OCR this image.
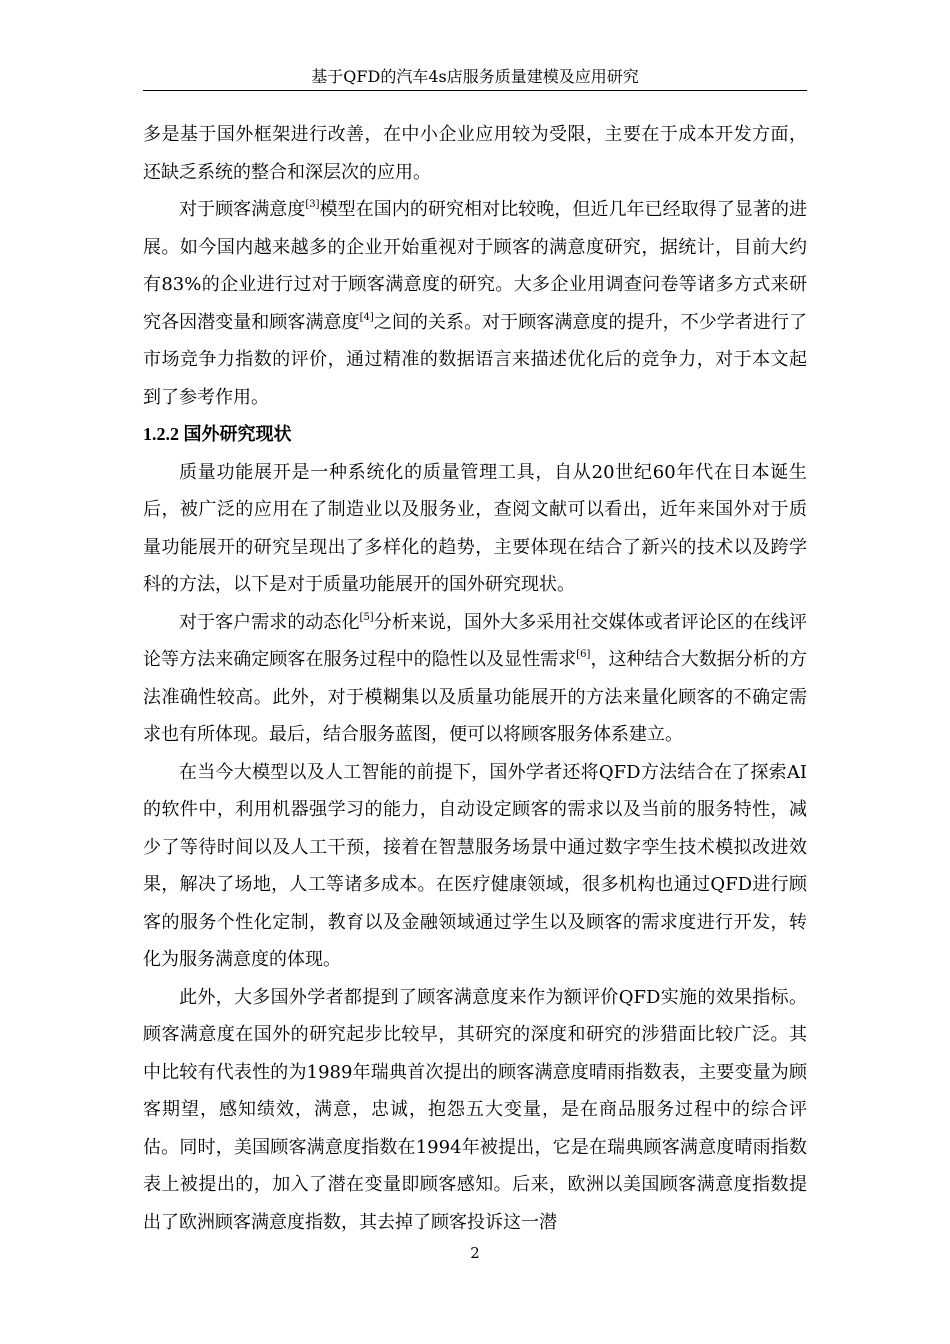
基于QFD的汽车4s店服务质量建模及应用研究

多是基于国外框架进行改善，在中小企业应用较为受限，主要在于成本开发方面，还缺乏系统的整合和深层次的应用。

对于顾客满意度[3]模型在国内的研究相对比较晚，但近几年已经取得了显著的进展。如今国内越来越多的企业开始重视对于顾客的满意度研究，据统计，目前大约有83%的企业进行过对于顾客满意度的研究。大多企业用调查问卷等诸多方式来研究各因潜变量和顾客满意度[4]之间的关系。对于顾客满意度的提升，不少学者进行了市场竞争力指数的评价，通过精准的数据语言来描述优化后的竞争力，对于本文起到了参考作用。

1.2.2 国外研究现状

质量功能展开是一种系统化的质量管理工具，自从20世纪60年代在日本诞生后，被广泛的应用在了制造业以及服务业，查阅文献可以看出，近年来国外对于质量功能展开的研究呈现出了多样化的趋势，主要体现在结合了新兴的技术以及跨学科的方法，以下是对于质量功能展开的国外研究现状。

对于客户需求的动态化[5]分析来说，国外大多采用社交媒体或者评论区的在线评论等方法来确定顾客在服务过程中的隐性以及显性需求[6]，这种结合大数据分析的方法准确性较高。此外，对于模糊集以及质量功能展开的方法来量化顾客的不确定需求也有所体现。最后，结合服务蓝图，便可以将顾客服务体系建立。

在当今大模型以及人工智能的前提下，国外学者还将QFD方法结合在了探索AI的软件中，利用机器强学习的能力，自动设定顾客的需求以及当前的服务特性，减少了等待时间以及人工干预，接着在智慧服务场景中通过数字孪生技术模拟改进效果，解决了场地，人工等诸多成本。在医疗健康领域，很多机构也通过QFD进行顾客的服务个性化定制，教育以及金融领域通过学生以及顾客的需求度进行开发，转化为服务满意度的体现。

此外，大多国外学者都提到了顾客满意度来作为额评价QFD实施的效果指标。顾客满意度在国外的研究起步比较早，其研究的深度和研究的涉猎面比较广泛。其中比较有代表性的为1989年瑞典首次提出的顾客满意度晴雨指数表，主要变量为顾客期望，感知绩效，满意，忠诚，抱怨五大变量，是在商品服务过程中的综合评估。同时，美国顾客满意度指数在1994年被提出，它是在瑞典顾客满意度晴雨指数表上被提出的，加入了潜在变量即顾客感知。后来，欧洲以美国顾客满意度指数提出了欧洲顾客满意度指数，其去掉了顾客投诉这一潜

2
